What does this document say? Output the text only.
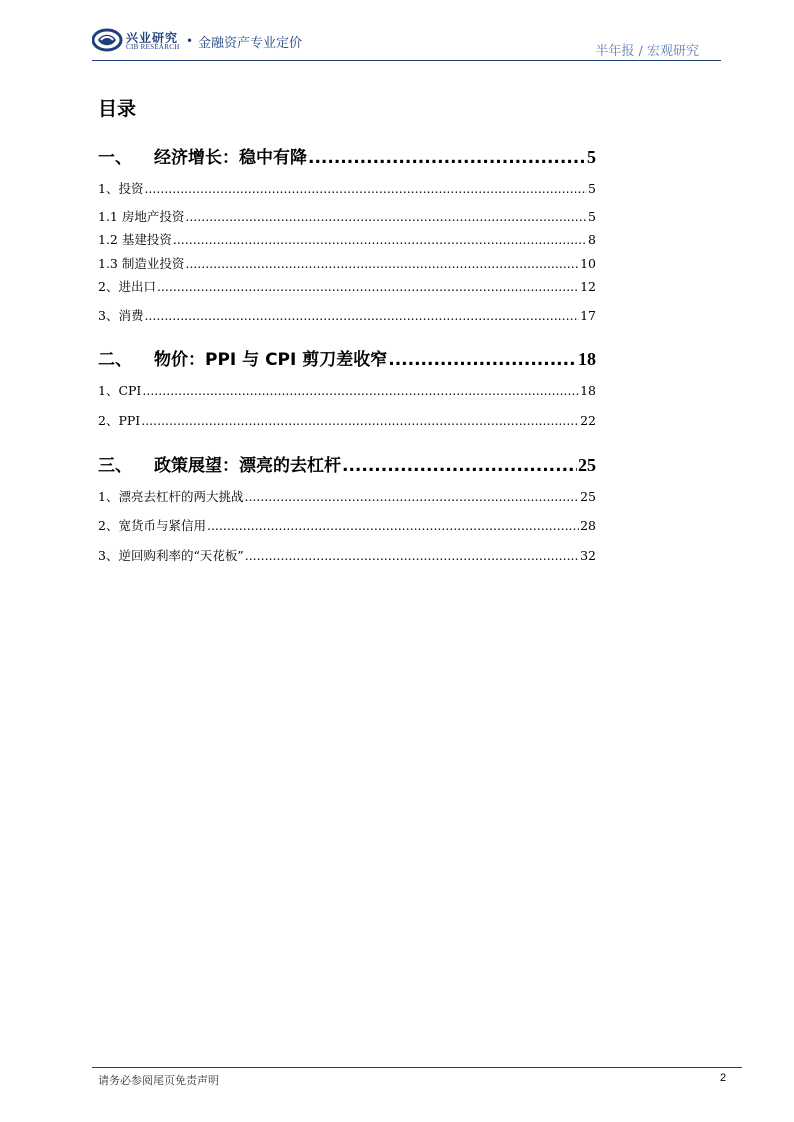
兴业研究
CIB RESEARCH • 金融资产专业定价
半年报 / 宏观研究
目录
一、 经济增长：稳中有降 .....	5
1、投资 .....	5
1.1 房地产投资 .....	5
1.2 基建投资 .....	8
1.3 制造业投资 .....	10
2、进出口 .....	12
3、消费 .....	17
二、 物价：PPI 与 CPI 剪刀差收窄 .....	18
1、CPI .....	18
2、PPI .....	22
三、 政策展望：漂亮的去杠杆 .....	25
1、漂亮去杠杆的两大挑战 .....	25
2、宽货币与紧信用 .....	28
3、逆回购利率的“天花板” .....	32
请务必参阅尾页免责声明	2
